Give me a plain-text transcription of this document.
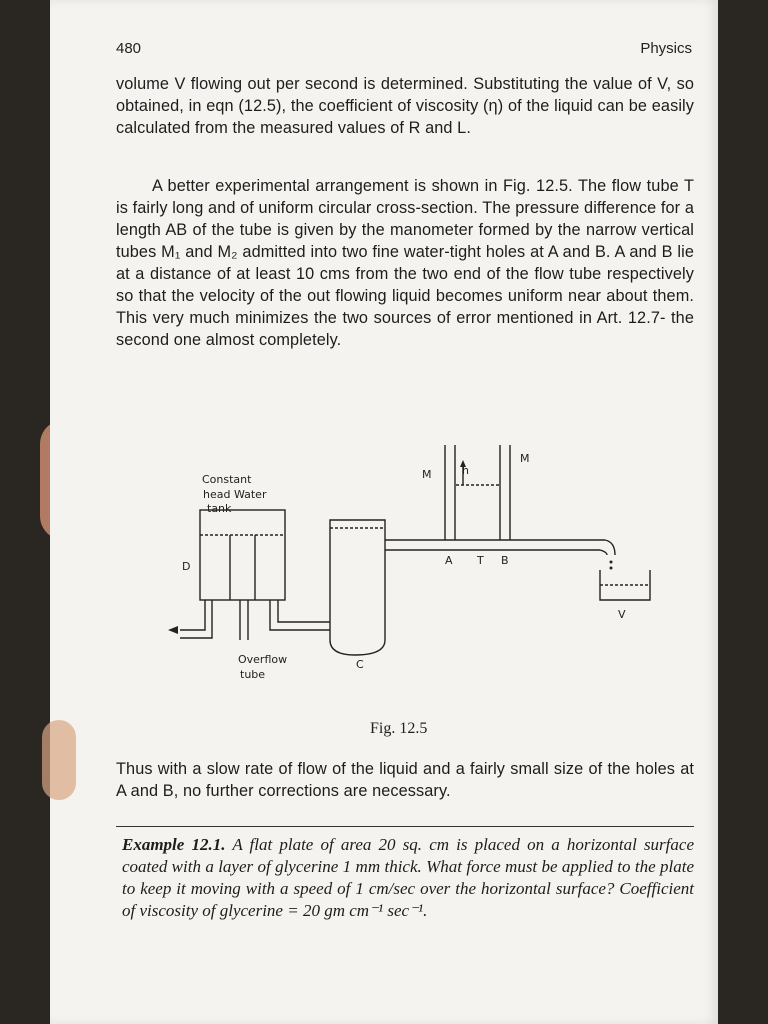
480	Physics
volume V flowing out per second is determined. Substituting the value of V, so obtained, in eqn (12.5), the coefficient of viscosity (η) of the liquid can be easily calculated from the measured values of R and L.
A better experimental arrangement is shown in Fig. 12.5. The flow tube T is fairly long and of uniform circular cross-section. The pressure difference for a length AB of the tube is given by the manometer formed by the narrow vertical tubes M₁ and M₂ admitted into two fine water-tight holes at A and B. A and B lie at a distance of at least 10 cms from the two end of the flow tube respectively so that the velocity of the out flowing liquid becomes uniform near about them. This very much minimizes the two sources of error mentioned in Art. 12.7- the second one almost completely.
Constant
head Water
tank
D
Overflow
tube
C
M	h
M
A T B
V
Fig. 12.5
Thus with a slow rate of flow of the liquid and a fairly small size of the holes at A and B, no further corrections are necessary.
Example 12.1. A flat plate of area 20 sq. cm is placed on a horizontal surface coated with a layer of glycerine 1 mm thick. What force must be applied to the plate to keep it moving with a speed of 1 cm/sec over the horizontal surface? Coefficient of viscosity of glycerine = 20 gm cm⁻¹ sec⁻¹.
